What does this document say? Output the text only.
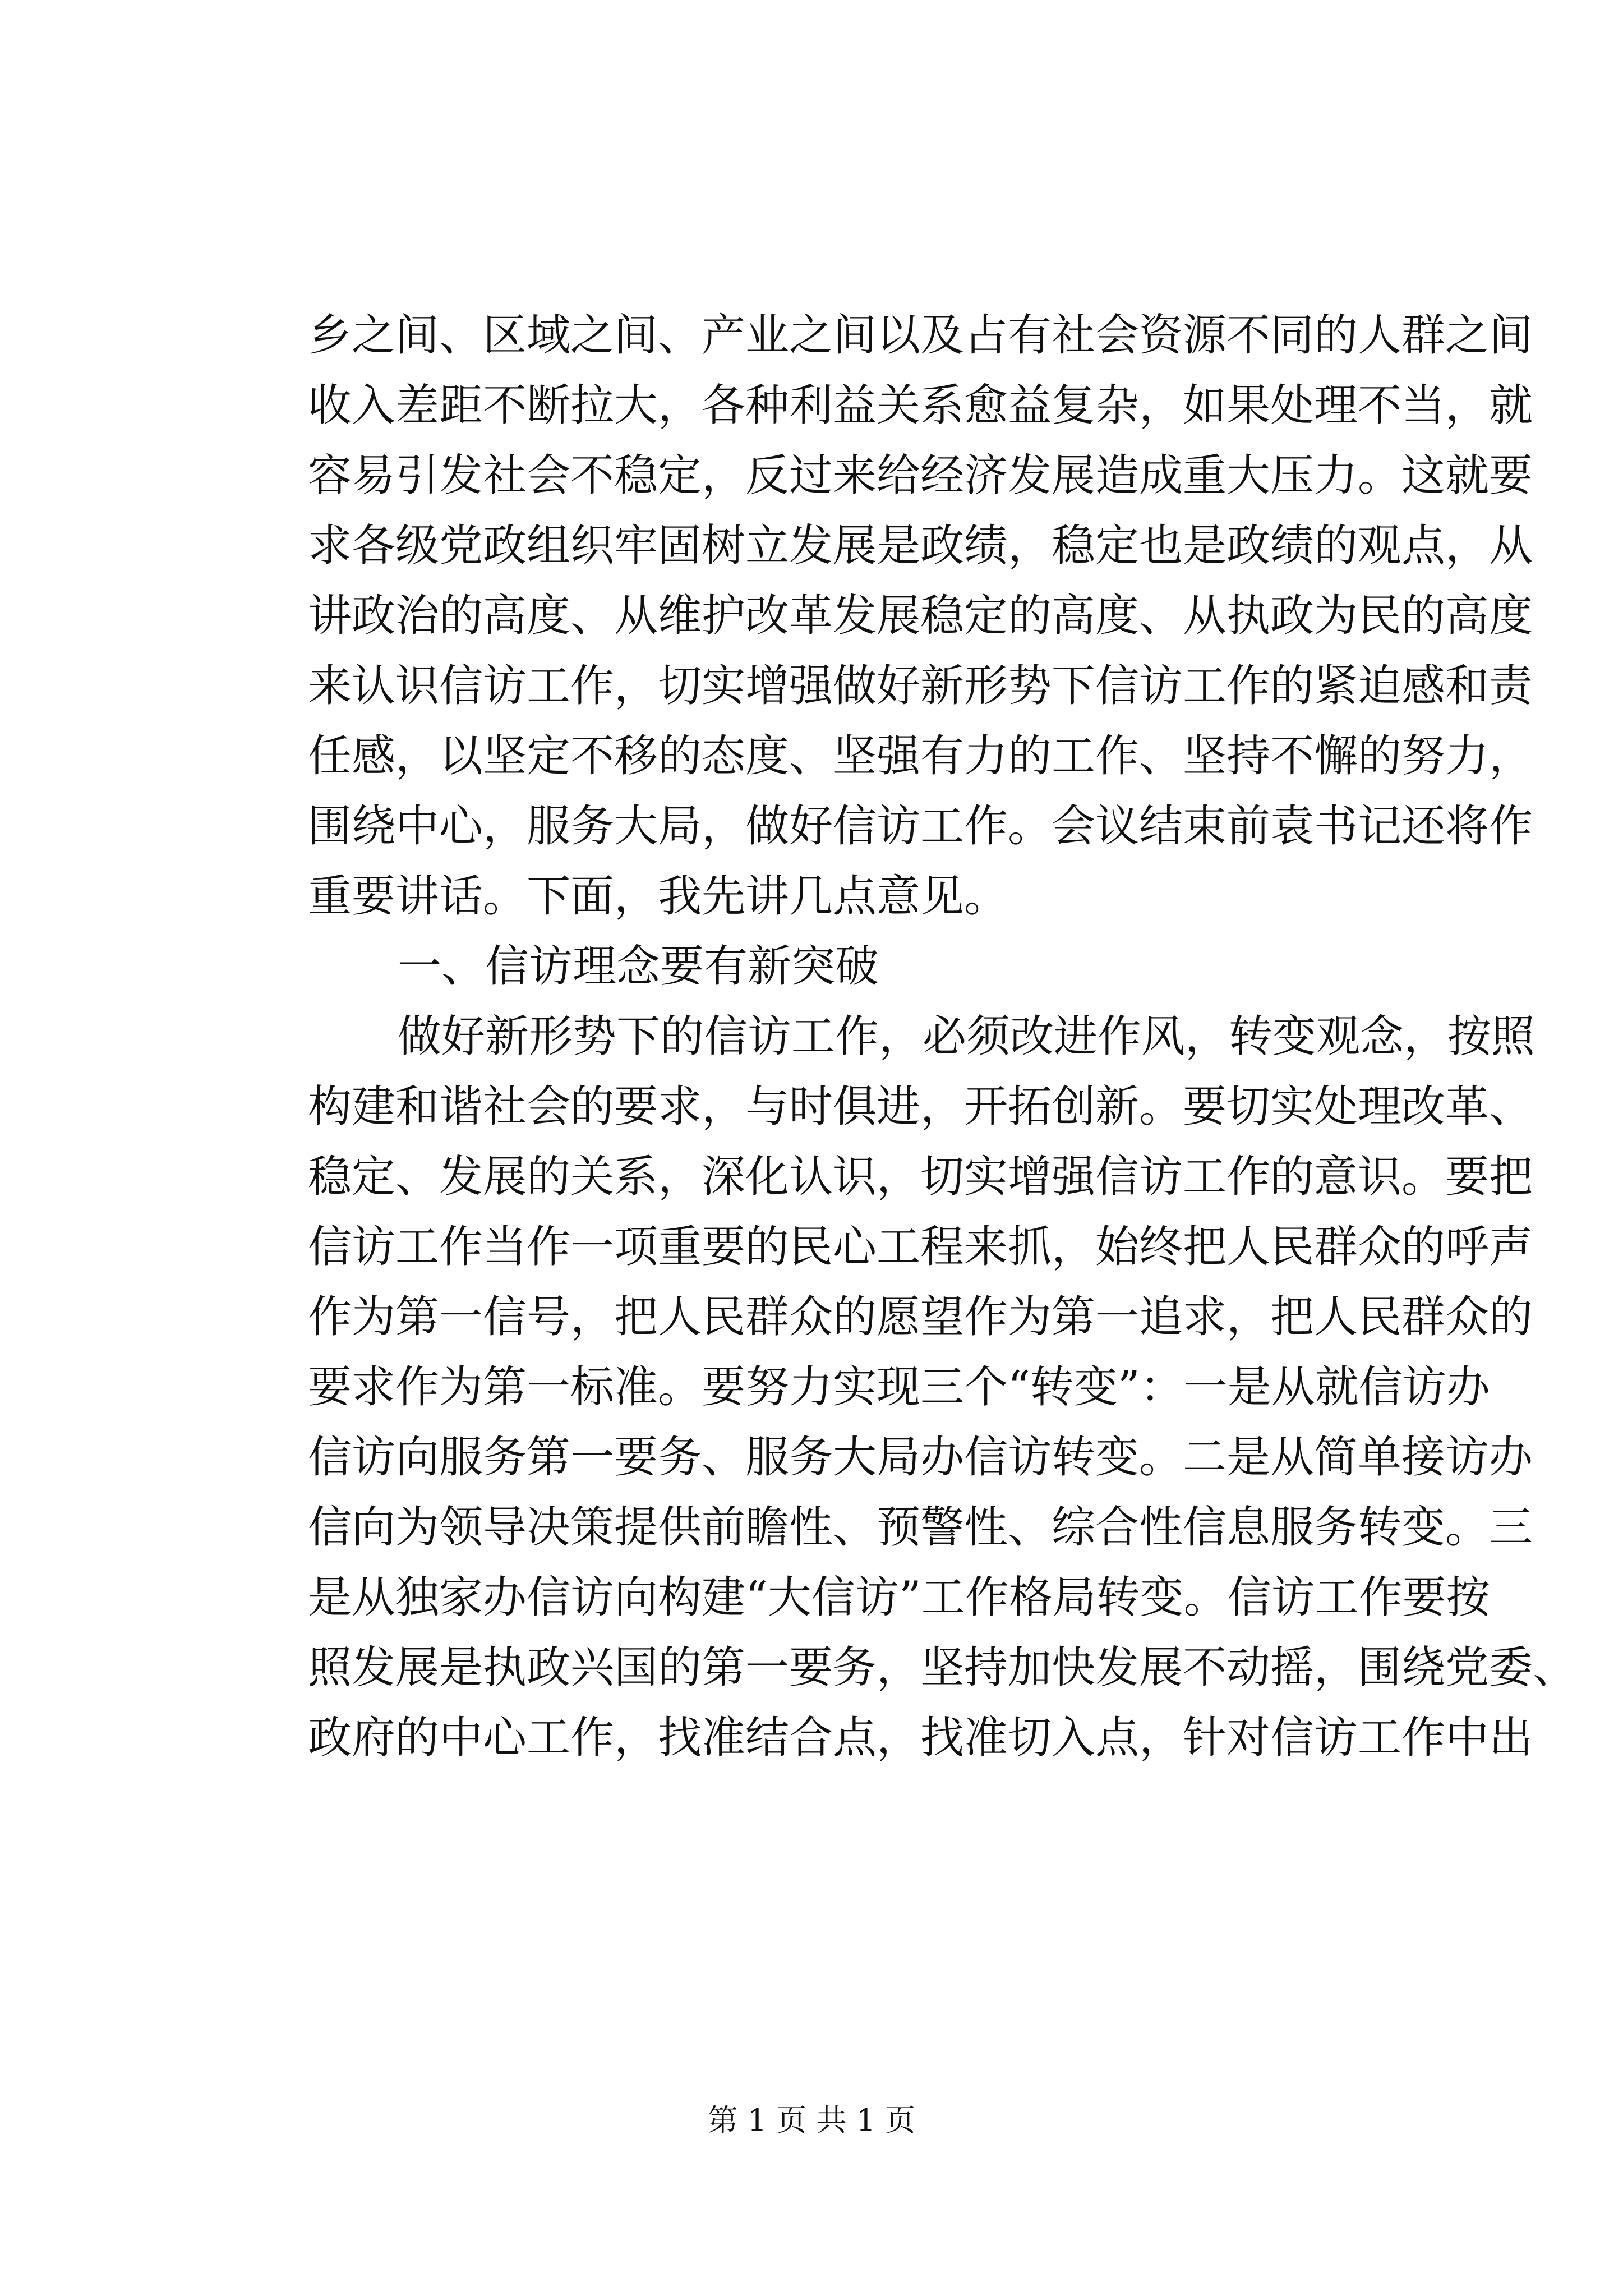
乡之间、区域之间、产业之间以及占有社会资源不同的人群之间
收入差距不断拉大，各种利益关系愈益复杂，如果处理不当，就
容易引发社会不稳定，反过来给经济发展造成重大压力。这就要
求各级党政组织牢固树立发展是政绩，稳定也是政绩的观点，从
讲政治的高度、从维护改革发展稳定的高度、从执政为民的高度
来认识信访工作，切实增强做好新形势下信访工作的紧迫感和责
任感，以坚定不移的态度、坚强有力的工作、坚持不懈的努力，
围绕中心，服务大局，做好信访工作。会议结束前袁书记还将作
重要讲话。下面，我先讲几点意见。
一、信访理念要有新突破
做好新形势下的信访工作，必须改进作风，转变观念，按照
构建和谐社会的要求，与时俱进，开拓创新。要切实处理改革、
稳定、发展的关系，深化认识，切实增强信访工作的意识。要把
信访工作当作一项重要的民心工程来抓，始终把人民群众的呼声
作为第一信号，把人民群众的愿望作为第一追求，把人民群众的
要求作为第一标准。要努力实现三个“转变”：一是从就信访办
信访向服务第一要务、服务大局办信访转变。二是从简单接访办
信向为领导决策提供前瞻性、预警性、综合性信息服务转变。三
是从独家办信访向构建“大信访”工作格局转变。信访工作要按
照发展是执政兴国的第一要务，坚持加快发展不动摇，围绕党委、
政府的中心工作，找准结合点，找准切入点，针对信访工作中出
第 1 页 共 1 页
